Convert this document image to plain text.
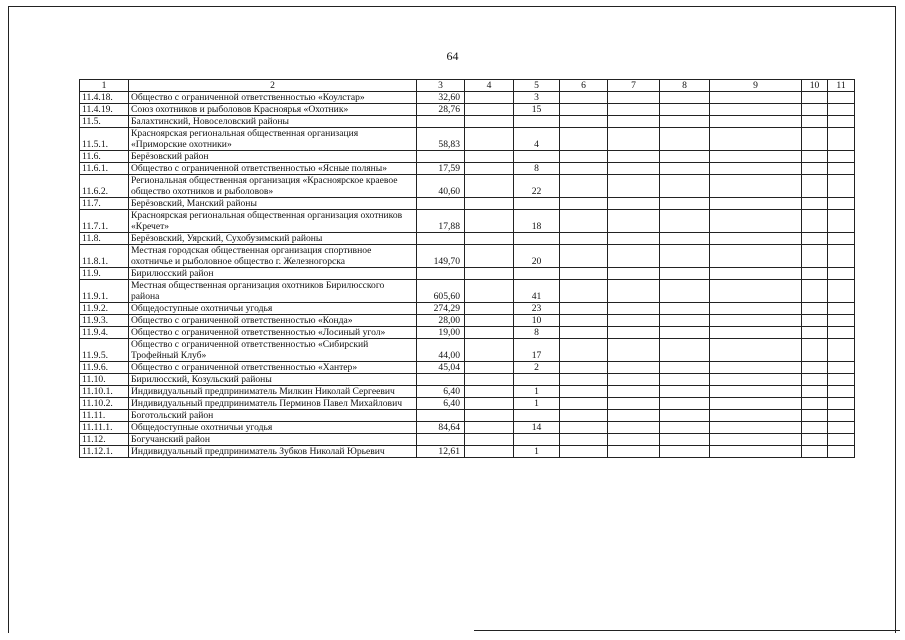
64
1	2	3	4	5	6	7	8	9	10	11
11.4.18.	Общество с ограниченной ответственностью «Коулстар»	32,60		3						
11.4.19.	Союз охотников и рыболовов Красноярья «Охотник»	28,76		15						
11.5.	Балахтинский, Новоселовский районы									
11.5.1.	Красноярская региональная общественная организация «Приморские охотники»	58,83		4						
11.6.	Берёзовский район									
11.6.1.	Общество с ограниченной ответственностью «Ясные поляны»	17,59		8						
11.6.2.	Региональная общественная организация «Красноярское краевое общество охотников и рыболовов»	40,60		22						
11.7.	Берёзовский, Манский районы									
11.7.1.	Красноярская региональная общественная организация охотников «Кречет»	17,88		18						
11.8.	Берёзовский, Уярский, Сухобузимский районы									
11.8.1.	Местная городская общественная организация спортивное охотничье и рыболовное общество г. Железногорска	149,70		20						
11.9.	Бирилюсский район									
11.9.1.	Местная общественная организация охотников Бирилюсского района	605,60		41						
11.9.2.	Общедоступные охотничьи угодья	274,29		23						
11.9.3.	Общество с ограниченной ответственностью «Конда»	28,00		10						
11.9.4.	Общество с ограниченной ответственностью «Лосиный угол»	19,00		8						
11.9.5.	Общество с ограниченной ответственностью «Сибирский Трофейный Клуб»	44,00		17						
11.9.6.	Общество с ограниченной ответственностью «Хантер»	45,04		2						
11.10.	Бирилюсский, Козульский районы									
11.10.1.	Индивидуальный предприниматель Милкин Николай Сергеевич	6,40		1						
11.10.2.	Индивидуальный предприниматель Перминов Павел Михайлович	6,40		1						
11.11.	Боготольский район									
11.11.1.	Общедоступные охотничьи угодья	84,64		14						
11.12.	Богучанский район									
11.12.1.	Индивидуальный предприниматель Зубков Николай Юрьевич	12,61		1						
